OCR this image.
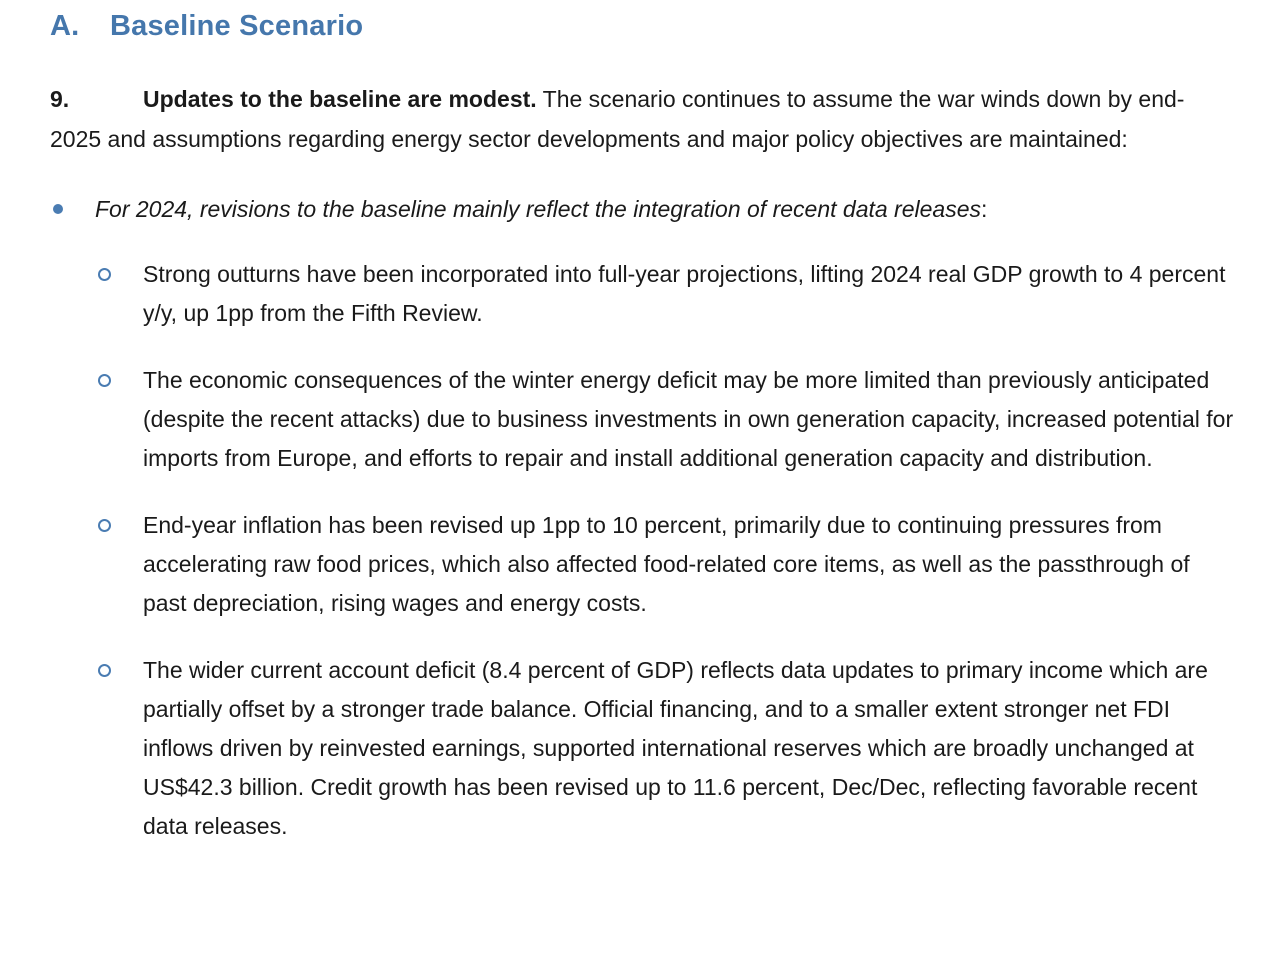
A. Baseline Scenario

9.	Updates to the baseline are modest. The scenario continues to assume the war winds down by end-2025 and assumptions regarding energy sector developments and major policy objectives are maintained:

For 2024, revisions to the baseline mainly reflect the integration of recent data releases:
Strong outturns have been incorporated into full-year projections, lifting 2024 real GDP growth to 4 percent y/y, up 1pp from the Fifth Review.
The economic consequences of the winter energy deficit may be more limited than previously anticipated (despite the recent attacks) due to business investments in own generation capacity, increased potential for imports from Europe, and efforts to repair and install additional generation capacity and distribution.
End-year inflation has been revised up 1pp to 10 percent, primarily due to continuing pressures from accelerating raw food prices, which also affected food-related core items, as well as the passthrough of past depreciation, rising wages and energy costs.
The wider current account deficit (8.4 percent of GDP) reflects data updates to primary income which are partially offset by a stronger trade balance. Official financing, and to a smaller extent stronger net FDI inflows driven by reinvested earnings, supported international reserves which are broadly unchanged at US$42.3 billion. Credit growth has been revised up to 11.6 percent, Dec/Dec, reflecting favorable recent data releases.
